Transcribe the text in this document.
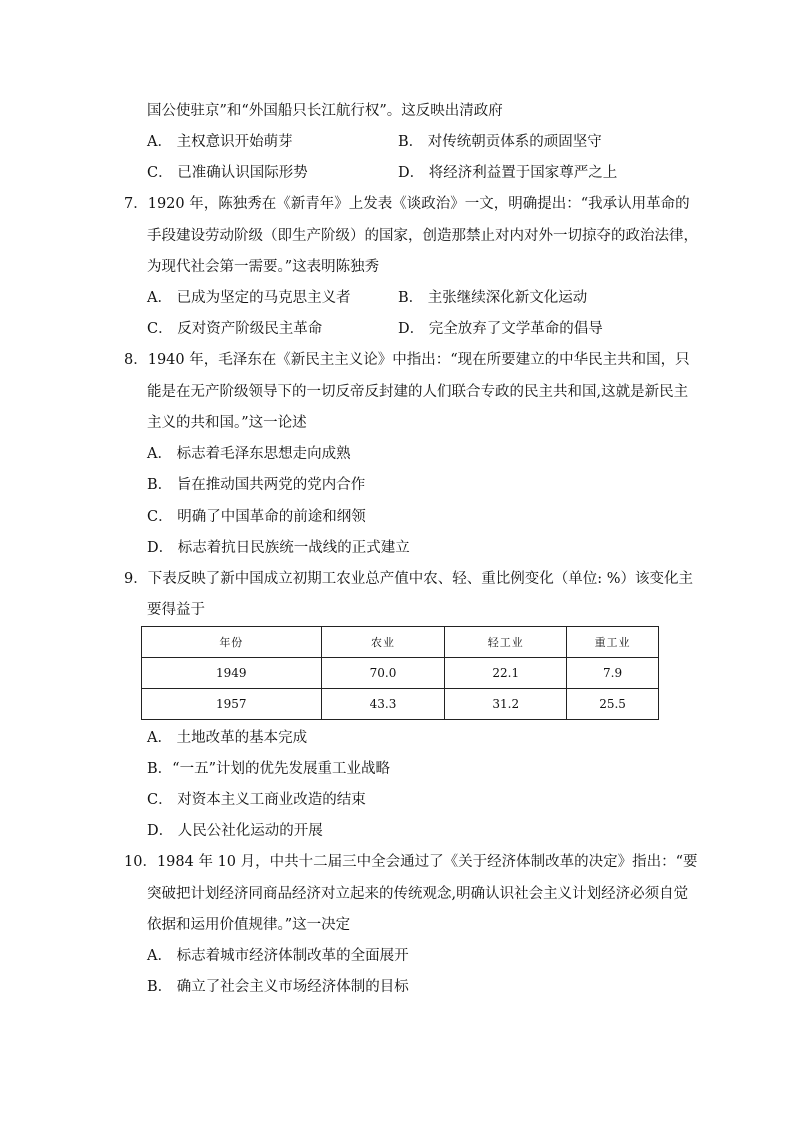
国公使驻京”和“外国船只长江航行权”。这反映出清政府
A． 主权意识开始萌芽	B． 对传统朝贡体系的顽固坚守
C． 已准确认识国际形势	D． 将经济利益置于国家尊严之上
7．1920 年，陈独秀在《新青年》上发表《谈政治》一文，明确提出：“我承认用革命的
手段建设劳动阶级（即生产阶级）的国家，创造那禁止对内对外一切掠夺的政治法律，
为现代社会第一需要。”这表明陈独秀
A． 已成为坚定的马克思主义者	B． 主张继续深化新文化运动
C． 反对资产阶级民主革命	D． 完全放弃了文学革命的倡导
8．1940 年，毛泽东在《新民主主义论》中指出：“现在所要建立的中华民主共和国，只
能是在无产阶级领导下的一切反帝反封建的人们联合专政的民主共和国,这就是新民主
主义的共和国。”这一论述
A． 标志着毛泽东思想走向成熟
B． 旨在推动国共两党的党内合作
C． 明确了中国革命的前途和纲领
D． 标志着抗日民族统一战线的正式建立
9．下表反映了新中国成立初期工农业总产值中农、轻、重比例变化（单位: %）该变化主
要得益于
年份	农业	轻工业	重工业
1949	70.0	22.1	7.9
1957	43.3	31.2	25.5
A． 土地改革的基本完成
B．“一五”计划的优先发展重工业战略
C． 对资本主义工商业改造的结束
D． 人民公社化运动的开展
10．1984 年 10 月，中共十二届三中全会通过了《关于经济体制改革的决定》指出：“要
突破把计划经济同商品经济对立起来的传统观念,明确认识社会主义计划经济必须自觉
依据和运用价值规律。”这一决定
A． 标志着城市经济体制改革的全面展开
B． 确立了社会主义市场经济体制的目标
